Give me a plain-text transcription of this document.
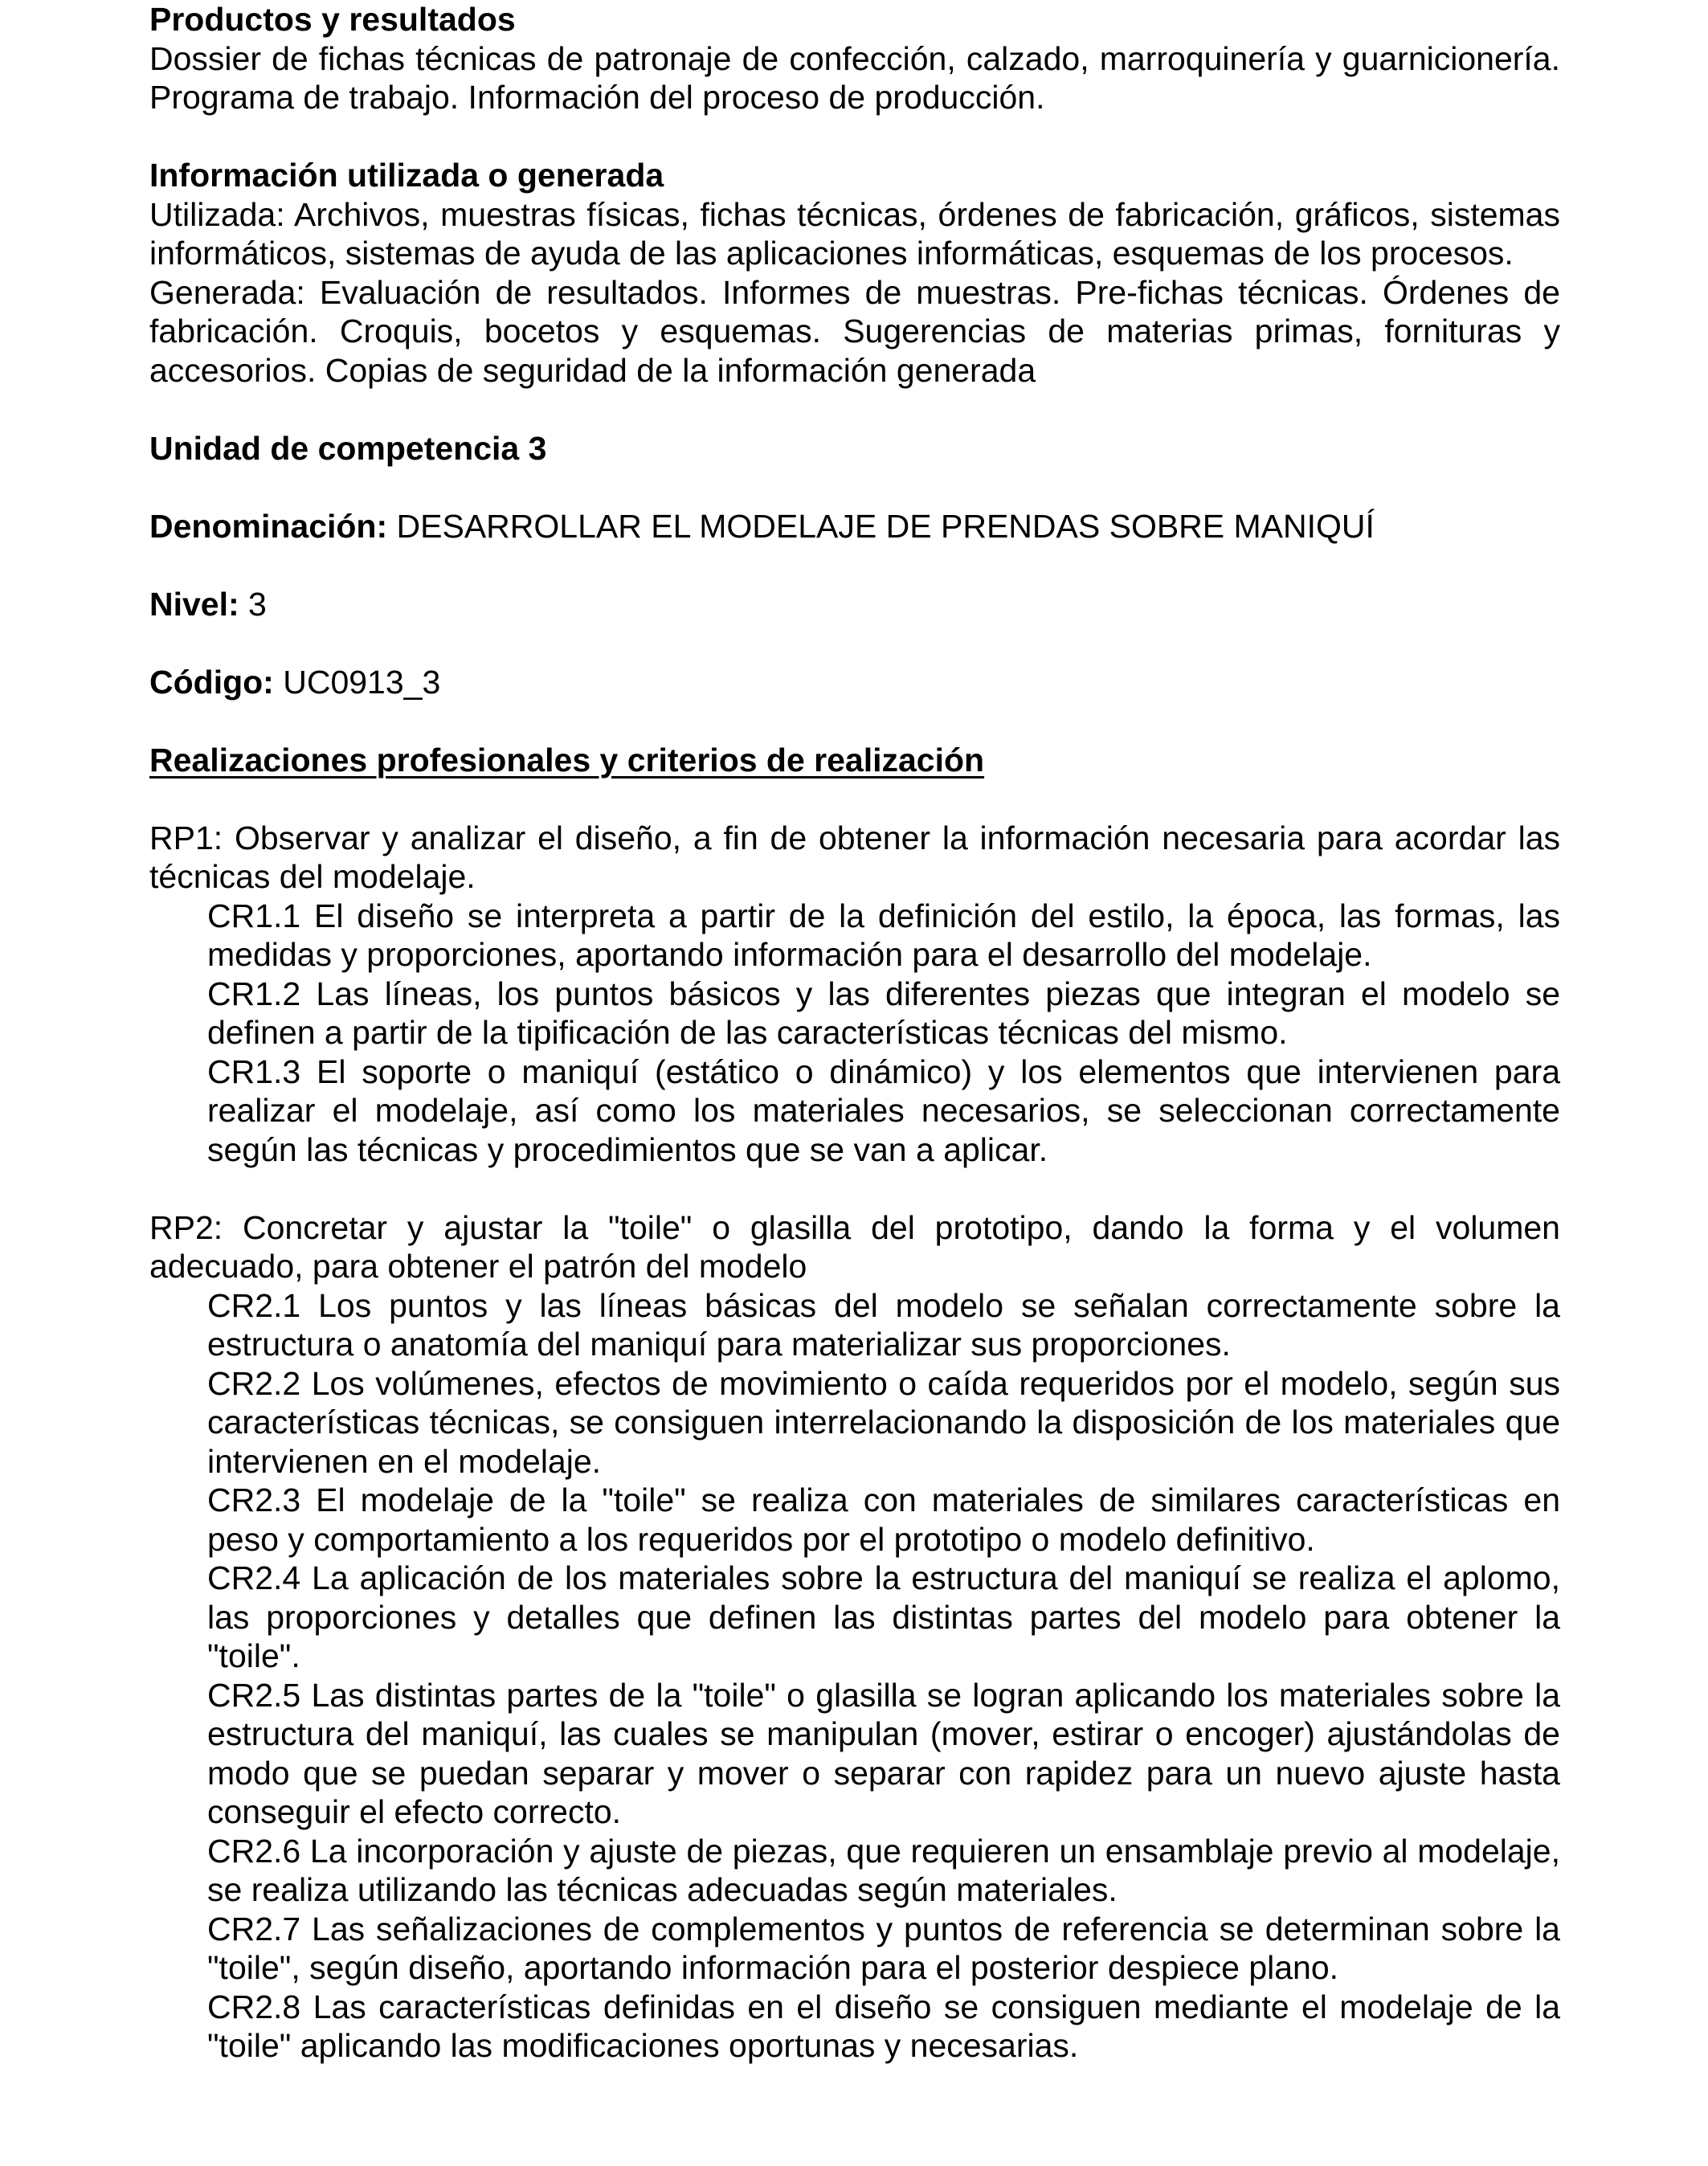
Productos y resultados
Dossier de fichas técnicas de patronaje de confección, calzado, marroquinería y guarnicionería. Programa de trabajo. Información del proceso de producción.
Información utilizada o generada
Utilizada: Archivos, muestras físicas, fichas técnicas, órdenes de fabricación, gráficos, sistemas informáticos, sistemas de ayuda de las aplicaciones informáticas, esquemas de los procesos.
Generada: Evaluación de resultados. Informes de muestras. Pre-fichas técnicas. Órdenes de fabricación. Croquis, bocetos y esquemas. Sugerencias de materias primas, fornituras y accesorios. Copias de seguridad de la información generada
Unidad de competencia 3
Denominación: DESARROLLAR EL MODELAJE DE PRENDAS SOBRE MANIQUÍ
Nivel: 3
Código: UC0913_3
Realizaciones profesionales y criterios de realización
RP1: Observar y analizar el diseño, a fin de obtener la información necesaria para acordar las técnicas del modelaje.
CR1.1 El diseño se interpreta a partir de la definición del estilo, la época, las formas, las medidas y proporciones, aportando información para el desarrollo del modelaje.
CR1.2 Las líneas, los puntos básicos y las diferentes piezas que integran el modelo se definen a partir de la tipificación de las características técnicas del mismo.
CR1.3 El soporte o maniquí (estático o dinámico) y los elementos que intervienen para realizar el modelaje, así como los materiales necesarios, se seleccionan correctamente según las técnicas y procedimientos que se van a aplicar.
RP2: Concretar y ajustar la "toile" o glasilla del prototipo, dando la forma y el volumen adecuado, para obtener el patrón del modelo
CR2.1 Los puntos y las líneas básicas del modelo se señalan correctamente sobre la estructura o anatomía del maniquí para materializar sus proporciones.
CR2.2 Los volúmenes, efectos de movimiento o caída requeridos por el modelo, según sus características técnicas, se consiguen interrelacionando la disposición de los materiales que intervienen en el modelaje.
CR2.3 El modelaje de la "toile" se realiza con materiales de similares características en peso y comportamiento a los requeridos por el prototipo o modelo definitivo.
CR2.4 La aplicación de los materiales sobre la estructura del maniquí se realiza el aplomo, las proporciones y detalles que definen las distintas partes del modelo para obtener la "toile".
CR2.5 Las distintas partes de la "toile" o glasilla se logran aplicando los materiales sobre la estructura del maniquí, las cuales se manipulan (mover, estirar o encoger) ajustándolas de modo que se puedan separar y mover o separar con rapidez para un nuevo ajuste hasta conseguir el efecto correcto.
CR2.6 La incorporación y ajuste de piezas, que requieren un ensamblaje previo al modelaje, se realiza utilizando las técnicas adecuadas según materiales.
CR2.7 Las señalizaciones de complementos y puntos de referencia se determinan sobre la "toile", según diseño, aportando información para el posterior despiece plano.
CR2.8 Las características definidas en el diseño se consiguen mediante el modelaje de la "toile" aplicando las modificaciones oportunas y necesarias.
